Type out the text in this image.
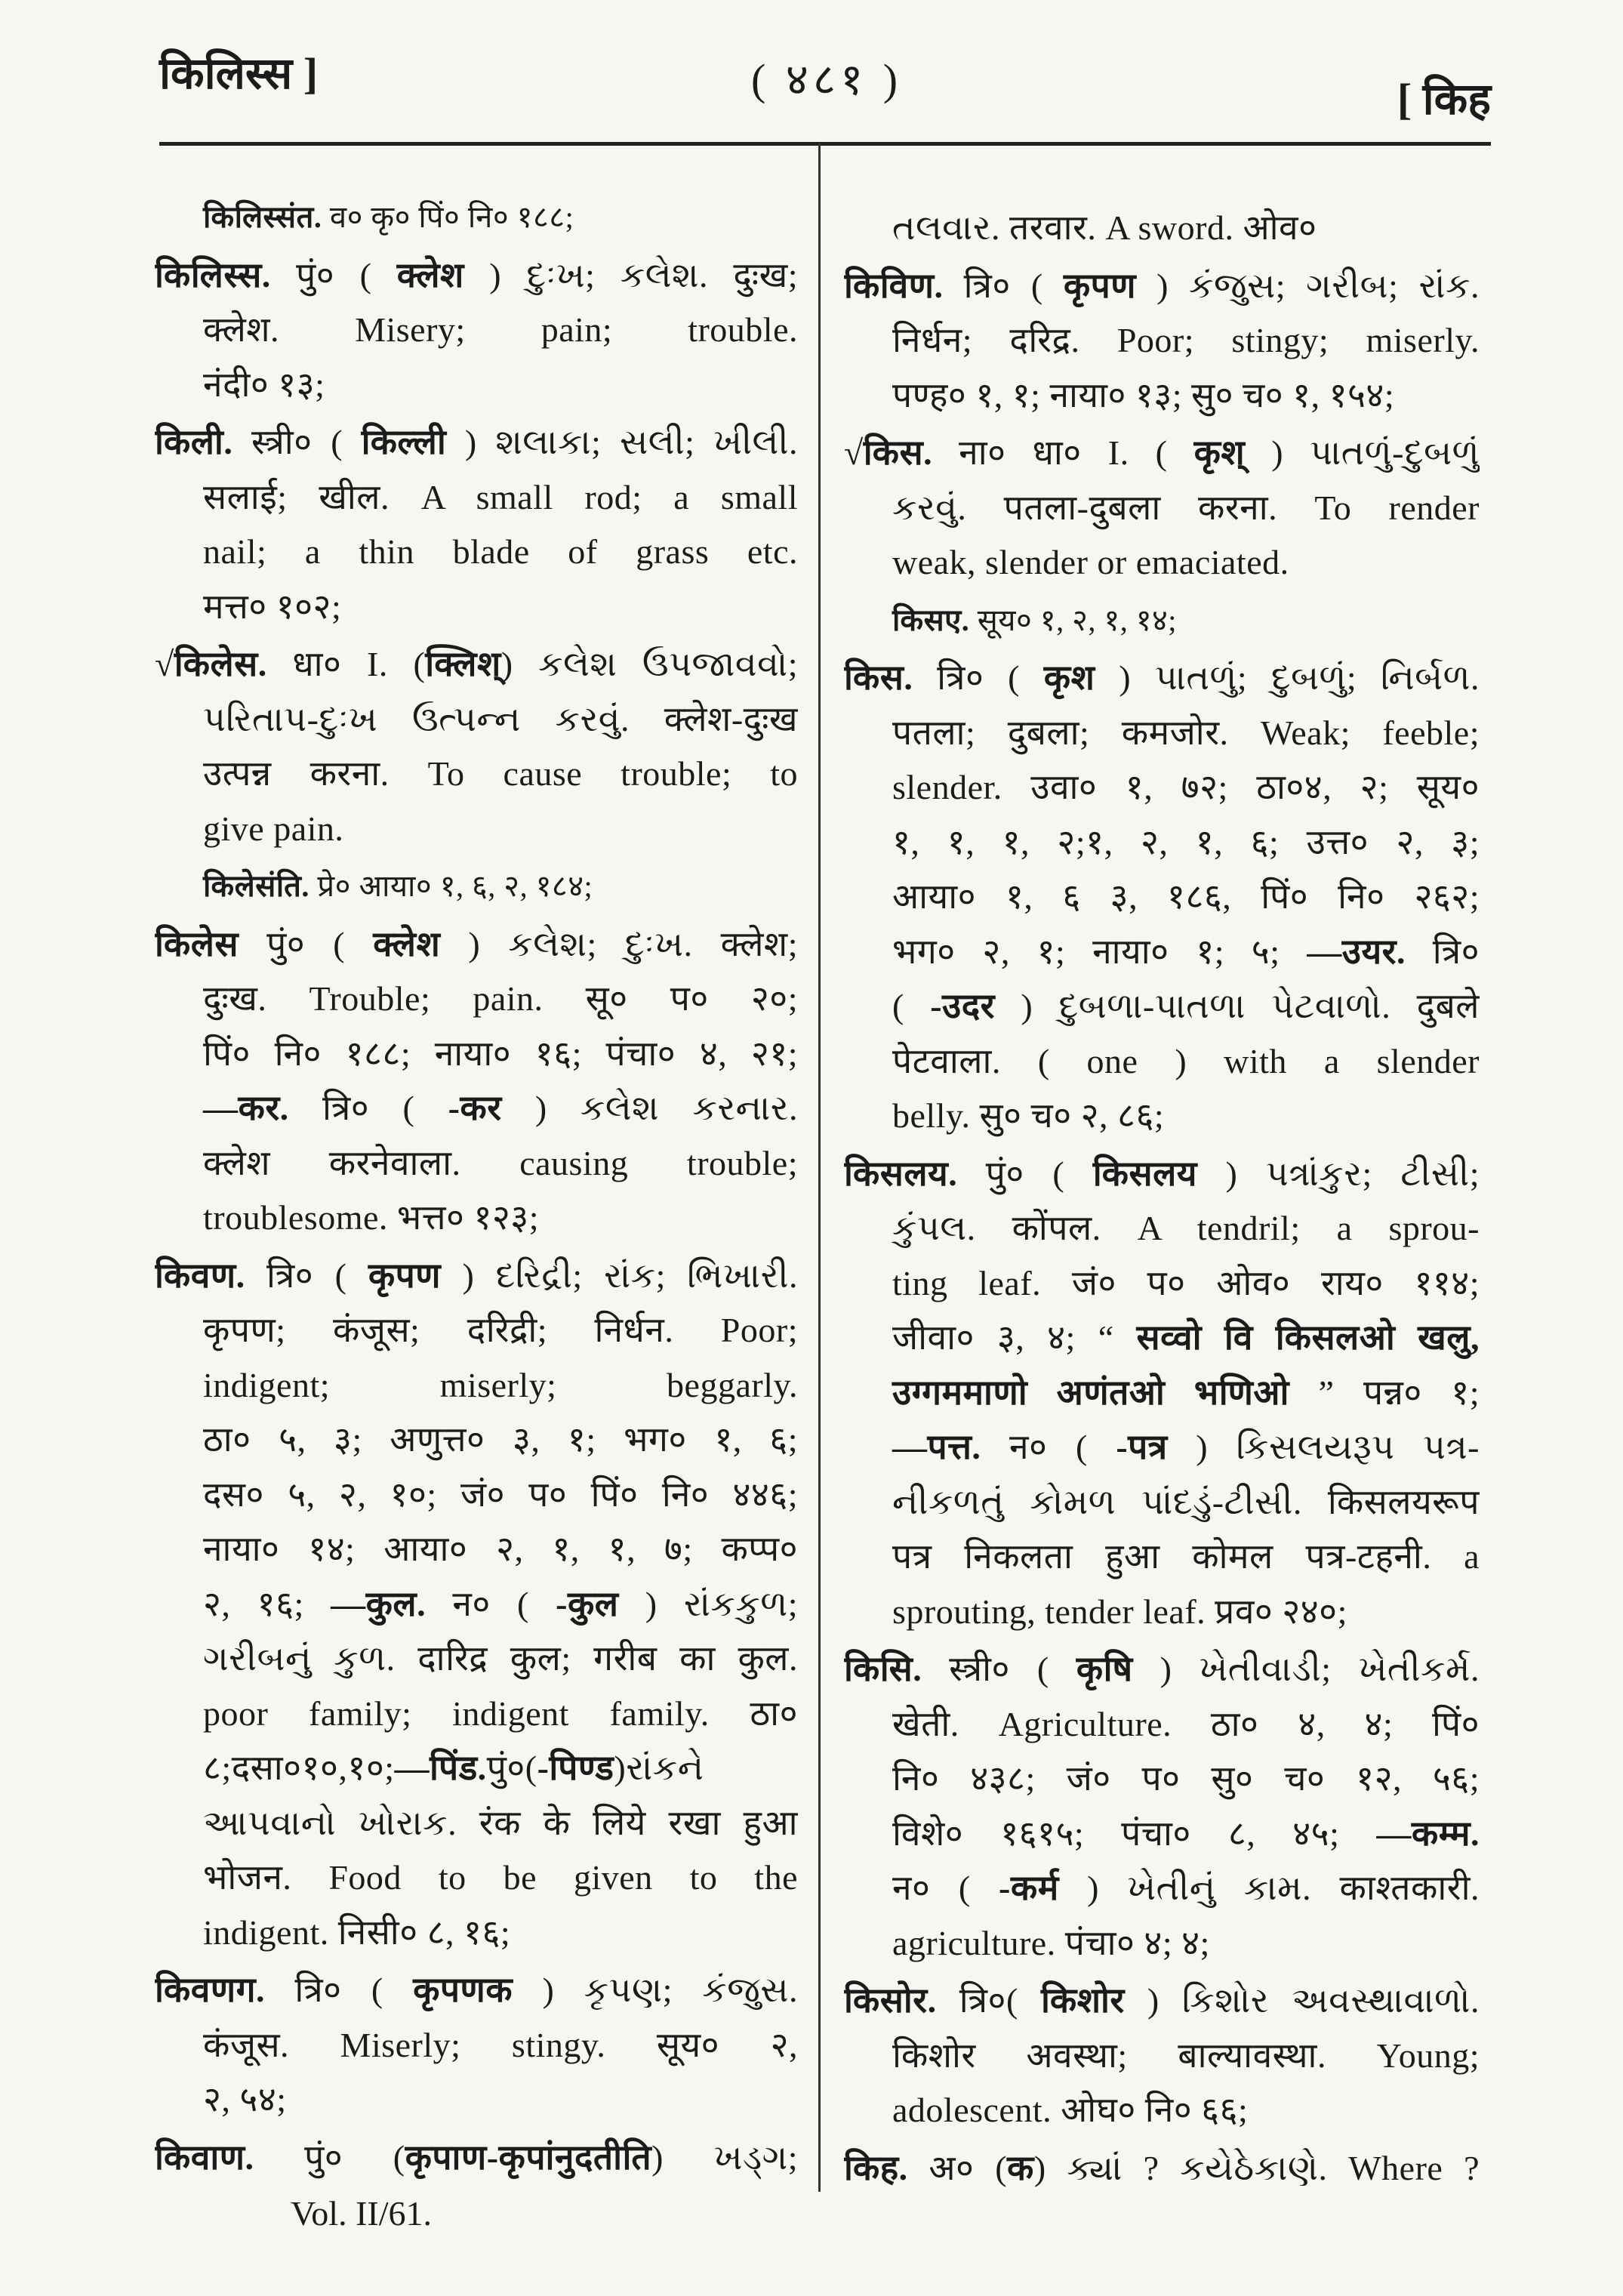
किलिस्स ]	( ४८१ )	[ किह
किलिस्संत. व० कृ० पिं० नि० १८८;
किलिस्स. पुं० ( क्लेश ) દુઃખ; કલેશ. दुःख;
क्लेश. Misery; pain; trouble.
नंदी० १३;
किली. स्त्री० ( किल्ली ) શલાકા; સલી; ખીલી.
सलाई; खील. A small rod; a small
nail; a thin blade of grass etc.
मत्त० १०२;
√किलेस. धा० I. (क्लिश्) કલેશ ઉપજાવવો;
પરિતાપ-દુઃખ ઉત્પન્ન કરવું. क्लेश-दुःख
उत्पन्न करना. To cause trouble; to
give pain.
किलेसंति. प्रे० आया० १, ६, २, १८४;
किलेस पुं० ( क्लेश ) કલેશ; દુઃખ. क्लेश;
दुःख. Trouble; pain. सू० प० २०;
पिं० नि० १८८; नाया० १६; पंचा० ४, २१;
—कर. त्रि० ( -कर ) કલેશ કરનાર.
क्लेश करनेवाला. causing trouble;
troublesome. भत्त० १२३;
किवण. त्रि० ( कृपण ) દરિદ્રી; રાંક; ભિખારી.
कृपण; कंजूस; दरिद्री; निर्धन. Poor;
indigent; miserly; beggarly.
ठा० ५, ३; अणुत्त० ३, १; भग० १, ६;
दस० ५, २, १०; जं० प० पिं० नि० ४४६;
नाया० १४; आया० २, १, १, ७; कप्प०
२, १६; —कुल. न० ( -कुल ) રાંકકુળ;
ગરીબનું કુળ. दारिद्र कुल; गरीब का कुल.
poor family; indigent family. ठा०
८;दसा०१०,१०;—पिंड.पुं०(-पिण्ड)રાંકને
આપવાનો ખોરાક. रंक के लिये रखा हुआ
भोजन. Food to be given to the
indigent. निसी० ८, १६;
किवणग. त्रि० ( कृपणक ) કૃપણ; કંજુસ.
कंजूस. Miserly; stingy. सूय० २,
२, ५४;
किवाण. पुं० (कृपाण-कृपांनुदतीति) ખડ્ગ;
તલવાર. तरवार. A sword. ओव०
किविण. त्रि० ( कृपण ) કંજુસ; ગરીબ; રાંક.
निर्धन; दरिद्र. Poor; stingy; miserly.
पण्ह० १, १; नाया० १३; सु० च० १, १५४;
√किस. ना० धा० I. ( कृश् ) પાતળું-દુબળું
કરવું. पतला-दुबला करना. To render
weak, slender or emaciated.
किसए. सूय० १, २, १, १४;
किस. त्रि० ( कृश ) પાતળું; દુબળું; નિર્બળ.
पतला; दुबला; कमजोर. Weak; feeble;
slender. उवा० १, ७२; ठा०४, २; सूय०
१, १, १, २;१, २, १, ६; उत्त० २, ३;
आया० १, ६ ३, १८६, पिं० नि० २६२;
भग० २, १; नाया० १; ५; —उयर. त्रि०
( -उदर ) દુબળા-પાતળા પેટવાળો. दुबले
पेटवाला. ( one ) with a slender
belly. सु० च० २, ८६;
किसलय. पुं० ( किसलय ) પત્રાંકુર; ટીસી;
કુંપલ. कोंपल. A tendril; a sprou-
ting leaf. जं० प० ओव० राय० ११४;
जीवा० ३, ४; “ सव्वो वि किसलओ खलु,
उग्गममाणो अणंतओ भणिओ ” पन्न० १;
—पत्त. न० ( -पत्र ) કિસલયરૂપ પત્ર-
નીકળતું કોમળ પાંદડું-ટીસી. किसलयरूप
पत्र निकलता हुआ कोमल पत्र-टहनी. a
sprouting, tender leaf. प्रव० २४०;
किसि. स्त्री० ( कृषि ) ખેતીવાડી; ખેતીકર્મ.
खेती. Agriculture. ठा० ४, ४; पिं०
नि० ४३८; जं० प० सु० च० १२, ५६;
विशे० १६१५; पंचा० ८, ४५; —कम्म.
न० ( -कर्म ) ખેતીનું કામ. काश्तकारी.
agriculture. पंचा० ४; ४;
किसोर. त्रि०( किशोर ) કિશોર અવસ્થાવાળો.
किशोर अवस्था; बाल्यावस्था. Young;
adolescent. ओघ० नि० ६६;
किह. अ० (क) ક્યાં ? કયેઠેકાણે. Where ?
Vol. II/61.
